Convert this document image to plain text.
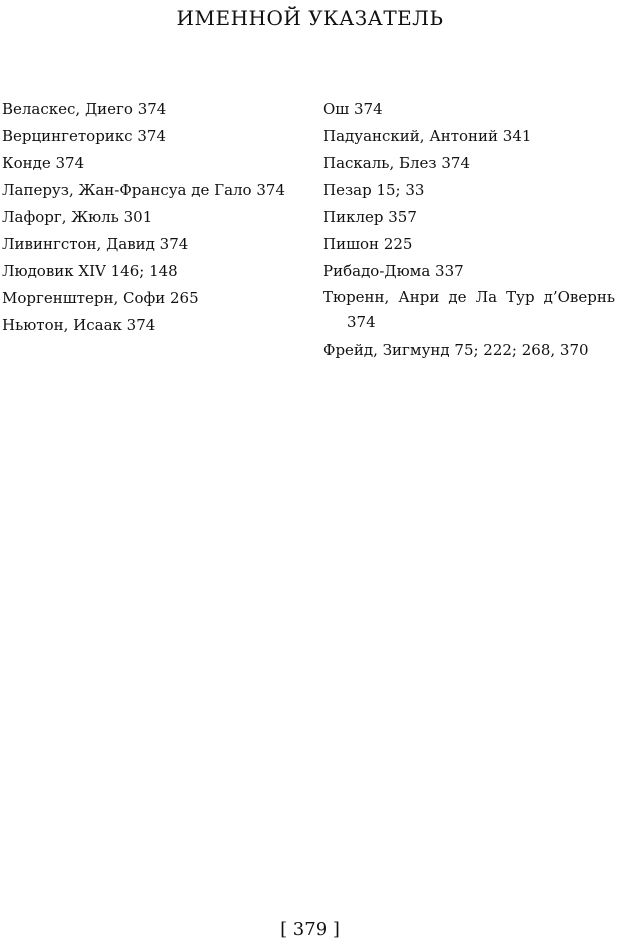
ИМЕННОЙ УКАЗАТЕЛЬ
Веласкес, Диего 374
Верцингеторикс 374
Конде 374
Лаперуз, Жан-Франсуа де Гало 374
Лафорг, Жюль 301
Ливингстон, Давид 374
Людовик XIV 146; 148
Моргенштерн, Софи 265
Ньютон, Исаак 374
Ош 374
Падуанский, Антоний 341
Паскаль, Блез 374
Пезар 15; 33
Пиклер 357
Пишон 225
Рибадо-Дюма 337
Тюренн, Анри де Ла Тур д’Овернь 374
Фрейд, Зигмунд 75; 222; 268, 370
[ 379 ]
